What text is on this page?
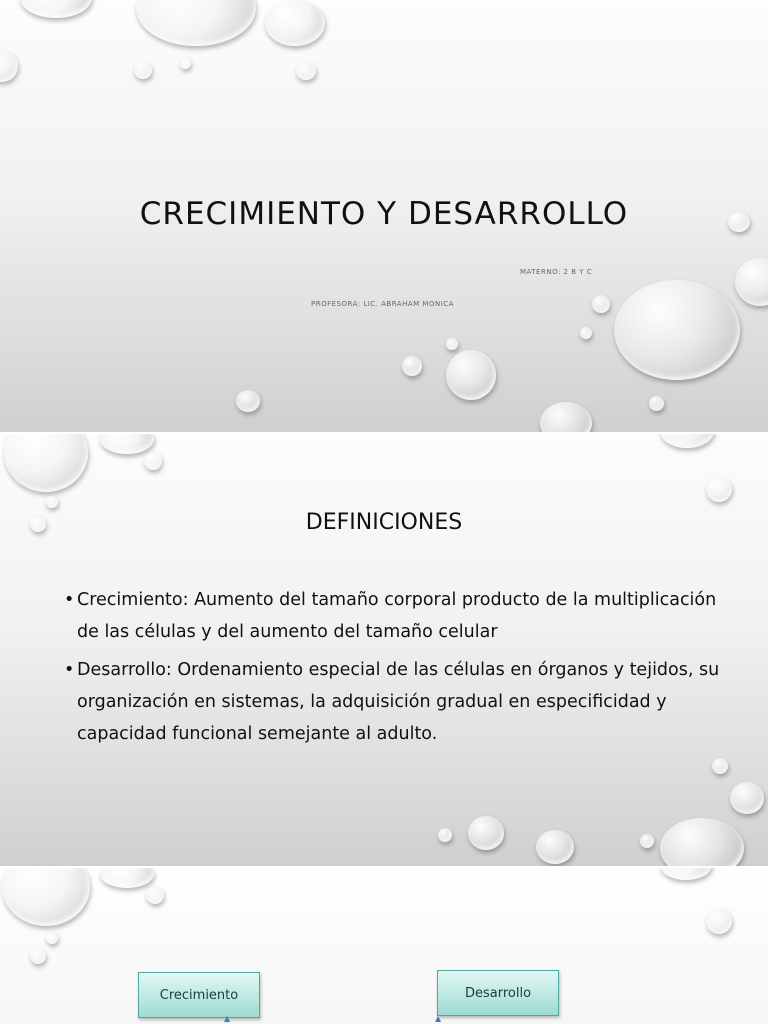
CRECIMIENTO Y DESARROLLO
MATERNO: 2 B Y C
PROFESORA: LIC. ABRAHAM MONICA
DEFINICIONES
• Crecimiento: Aumento del tamaño corporal producto de la multiplicación de las células y del aumento del tamaño celular
• Desarrollo: Ordenamiento especial de las células en órganos y tejidos, su organización en sistemas, la adquisición gradual en especificidad y capacidad funcional semejante al adulto.
Crecimiento	Desarrollo
▲	▲
